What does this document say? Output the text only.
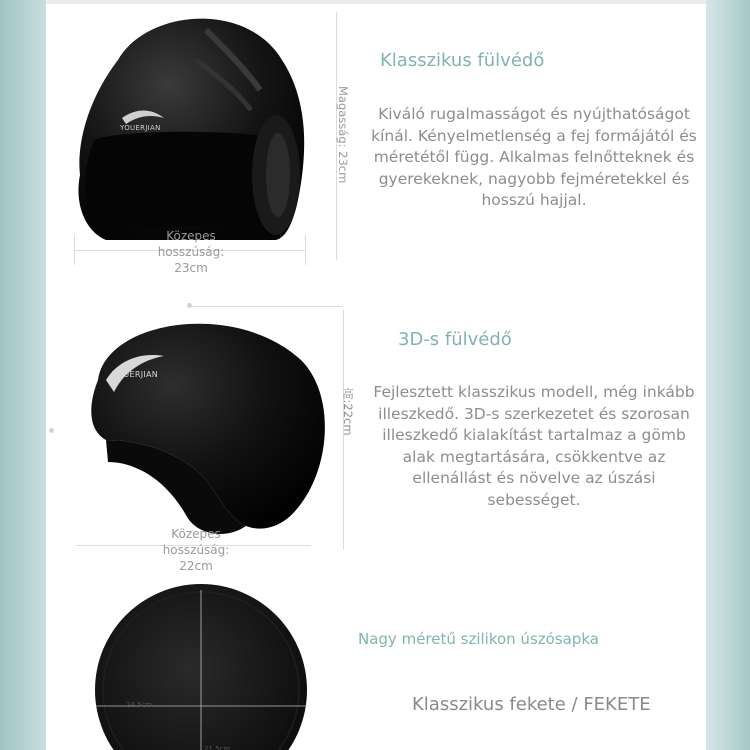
Klasszikus fülvédő
Kiváló rugalmasságot és nyújthatóságot kínál. Kényelmetlenség a fej formájától és méretétől függ. Alkalmas felnőtteknek és gyerekeknek, nagyobb fejméretekkel és hosszú hajjal.
Magasság: 23cm
Közepes hosszúság: 23cm
3D-s fülvédő
Fejlesztett klasszikus modell, még inkább illeszkedő. 3D-s szerkezetet és szorosan illeszkedő kialakítást tartalmaz a gömb alak megtartására, csökkentve az ellenállást és növelve az úszási sebességet.
高:22cm
Közepes hosszúság: 22cm
Nagy méretű szilikon úszósapka
Klasszikus fekete / FEKETE
24.5cm
21.5cm
YOUERJIAN
YOUERJIAN
